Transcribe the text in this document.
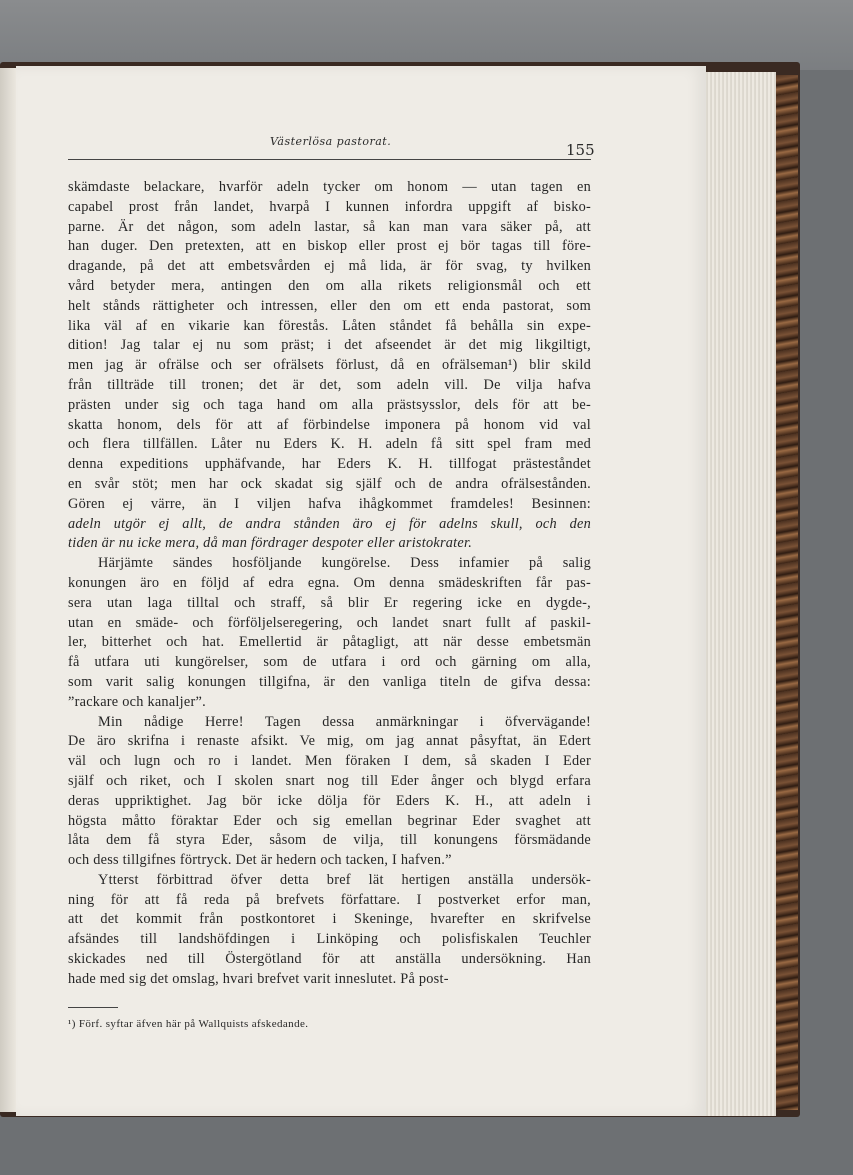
Västerlösa pastorat.	155
skämdaste belackare, hvarför adeln tycker om honom — utan tagen en
capabel prost från landet, hvarpå I kunnen infordra uppgift af bisko-
parne. Är det någon, som adeln lastar, så kan man vara säker på, att
han duger. Den pretexten, att en biskop eller prost ej bör tagas till före-
dragande, på det att embetsvården ej må lida, är för svag, ty hvilken
vård betyder mera, antingen den om alla rikets religionsmål och ett
helt stånds rättigheter och intressen, eller den om ett enda pastorat, som
lika väl af en vikarie kan förestås. Låten ståndet få behålla sin expe-
dition! Jag talar ej nu som präst; i det afseendet är det mig likgiltigt,
men jag är ofrälse och ser ofrälsets förlust, då en ofrälseman¹) blir skild
från tillträde till tronen; det är det, som adeln vill. De vilja hafva
prästen under sig och taga hand om alla prästsysslor, dels för att be-
skatta honom, dels för att af förbindelse imponera på honom vid val
och flera tillfällen. Låter nu Eders K. H. adeln få sitt spel fram med
denna expeditions upphäfvande, har Eders K. H. tillfogat prästeståndet
en svår stöt; men har ock skadat sig själf och de andra ofrälsestånden.
Gören ej värre, än I viljen hafva ihågkommet framdeles! Besinnen:
adeln utgör ej allt, de andra stånden äro ej för adelns skull, och den
tiden är nu icke mera, då man fördrager despoter eller aristokrater.
Härjämte sändes hosföljande kungörelse. Dess infamier på salig
konungen äro en följd af edra egna. Om denna smädeskriften får pas-
sera utan laga tilltal och straff, så blir Er regering icke en dygde-,
utan en smäde- och förföljelseregering, och landet snart fullt af paskil-
ler, bitterhet och hat. Emellertid är påtagligt, att när desse embetsmän
få utfara uti kungörelser, som de utfara i ord och gärning om alla,
som varit salig konungen tillgifna, är den vanliga titeln de gifva dessa:
”rackare och kanaljer”.
Min nådige Herre! Tagen dessa anmärkningar i öfvervägande!
De äro skrifna i renaste afsikt. Ve mig, om jag annat påsyftat, än Edert
väl och lugn och ro i landet. Men föraken I dem, så skaden I Eder
själf och riket, och I skolen snart nog till Eder ånger och blygd erfara
deras uppriktighet. Jag bör icke dölja för Eders K. H., att adeln i
högsta måtto föraktar Eder och sig emellan begrinar Eder svaghet att
låta dem få styra Eder, såsom de vilja, till konungens försmädande
och dess tillgifnes förtryck. Det är hedern och tacken, I hafven.”
Ytterst förbittrad öfver detta bref lät hertigen anställa undersök-
ning för att få reda på brefvets författare. I postverket erfor man,
att det kommit från postkontoret i Skeninge, hvarefter en skrifvelse
afsändes till landshöfdingen i Linköping och polisfiskalen Teuchler
skickades ned till Östergötland för att anställa undersökning. Han
hade med sig det omslag, hvari brefvet varit inneslutet. På post-
¹) Förf. syftar äfven här på Wallquists afskedande.
